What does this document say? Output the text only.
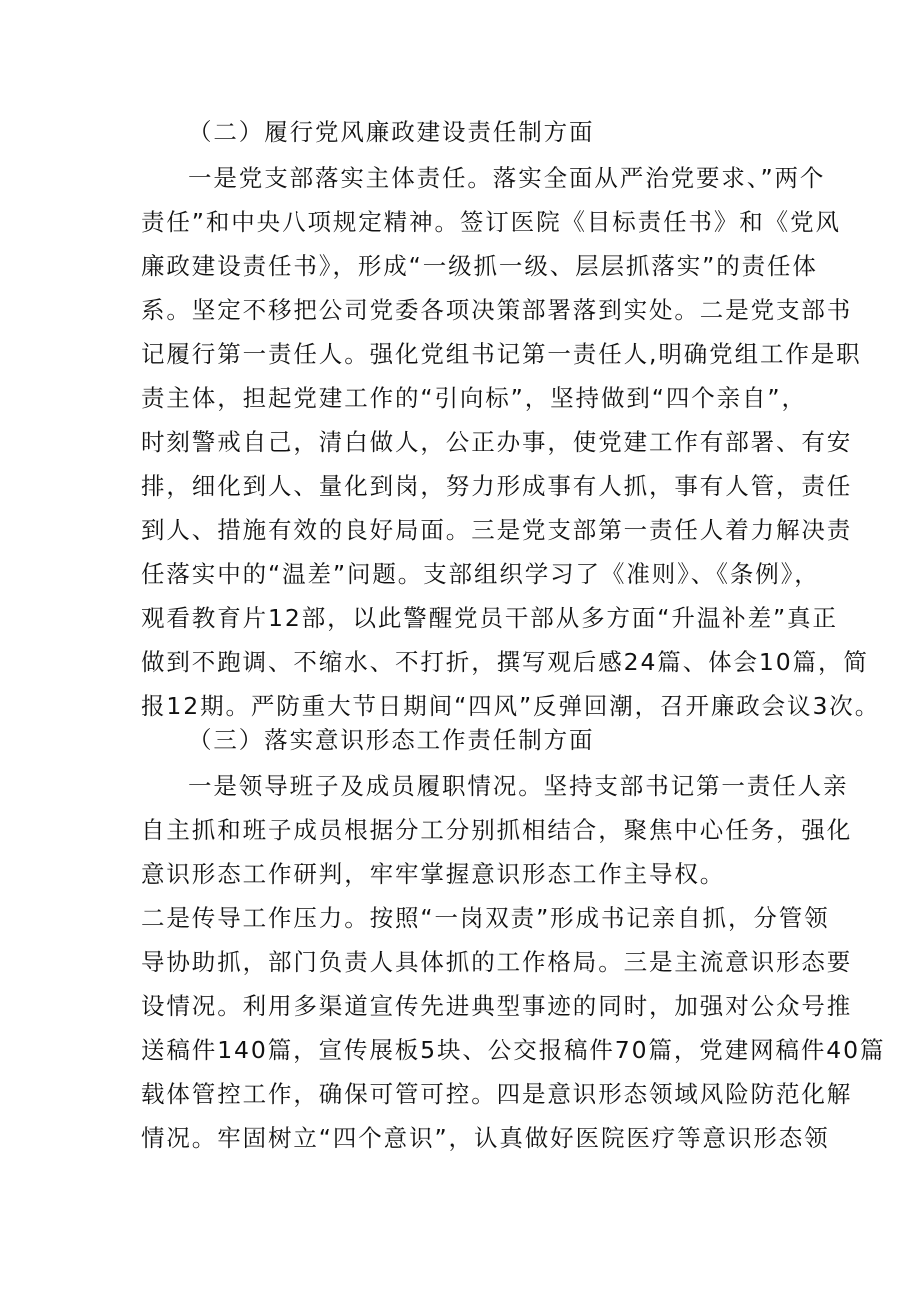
（二）履行党风廉政建设责任制方面
一是党支部落实主体责任。落实全面从严治党要求、”两个
责任”和中央八项规定精神。签订医院《目标责任书》和《党风
廉政建设责任书》，形成“一级抓一级、层层抓落实”的责任体
系。坚定不移把公司党委各项决策部署落到实处。二是党支部书
记履行第一责任人。强化党组书记第一责任人,明确党组工作是职
责主体，担起党建工作的“引向标”，坚持做到“四个亲自”，
时刻警戒自己，清白做人，公正办事，使党建工作有部署、有安
排，细化到人、量化到岗，努力形成事有人抓，事有人管，责任
到人、措施有效的良好局面。三是党支部第一责任人着力解决责
任落实中的“温差”问题。支部组织学习了《准则》、《条例》，
观看教育片12部，以此警醒党员干部从多方面“升温补差”真正
做到不跑调、不缩水、不打折，撰写观后感24篇、体会10篇，简
报12期。严防重大节日期间“四风”反弹回潮，召开廉政会议3次。
（三）落实意识形态工作责任制方面
一是领导班子及成员履职情况。坚持支部书记第一责任人亲
自主抓和班子成员根据分工分别抓相结合，聚焦中心任务，强化
意识形态工作研判，牢牢掌握意识形态工作主导权。
二是传导工作压力。按照“一岗双责”形成书记亲自抓，分管领
导协助抓，部门负责人具体抓的工作格局。三是主流意识形态要
设情况。利用多渠道宣传先进典型事迹的同时，加强对公众号推
送稿件140篇，宣传展板5块、公交报稿件70篇，党建网稿件40篇
载体管控工作，确保可管可控。四是意识形态领域风险防范化解
情况。牢固树立“四个意识”，认真做好医院医疗等意识形态领
